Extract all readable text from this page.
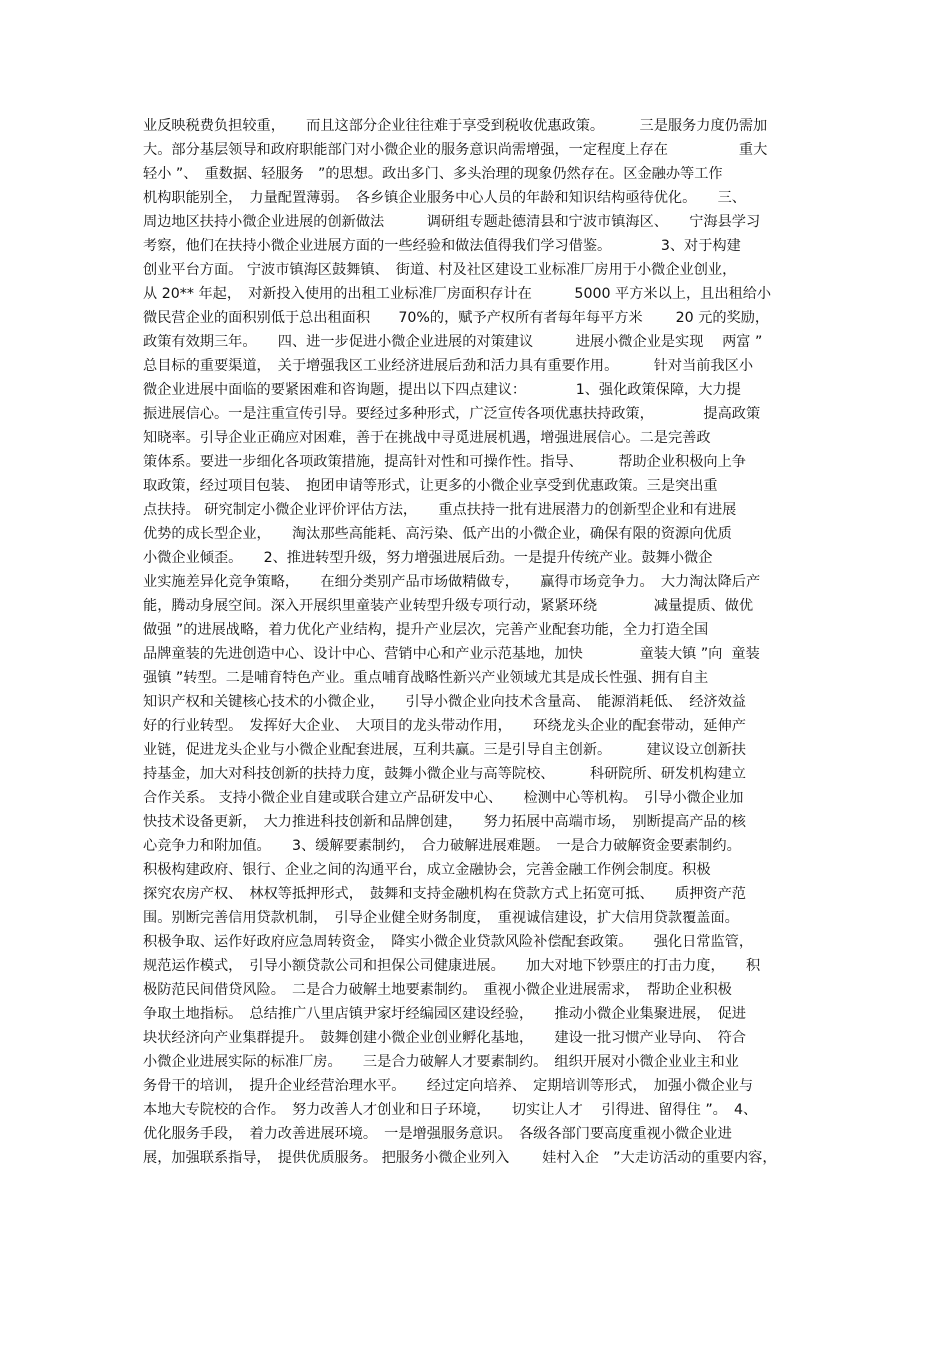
业反映税费负担较重，　　而且这部分企业往往难于享受到税收优惠政策。　　　三是服务力度仍需加
大。部分基层领导和政府职能部门对小微企业的服务意识尚需增强，一定程度上存在　　　　　重大
轻小 ”、　重数据、轻服务　”的思想。政出多门、多头治理的现象仍然存在。区金融办等工作
机构职能别全，　力量配置薄弱。　各乡镇企业服务中心人员的年龄和知识结构亟待优化。　　三、
周边地区扶持小微企业进展的创新做法　　　调研组专题赴德清县和宁波市镇海区、　　宁海县学习
考察，他们在扶持小微企业进展方面的一些经验和做法值得我们学习借鉴。　　　　3、对于构建
创业平台方面。 宁波市镇海区鼓舞镇、　街道、村及社区建设工业标准厂房用于小微企业创业，
从 20** 年起，　对新投入使用的出租工业标准厂房面积存计在　　　5000 平方米以上，且出租给小
微民营企业的面积别低于总出租面积　　70%的，赋予产权所有者每年每平方米　　 20 元的奖励，
政策有效期三年。　　四、进一步促进小微企业进展的对策建议　　　进展小微企业是实现　 两富 ”
总目标的重要渠道，　关于增强我区工业经济进展后劲和活力具有重要作用。　　　针对当前我区小
微企业进展中面临的要紧困难和咨询题，提出以下四点建议：　　　　1、强化政策保障，大力提
振进展信心。一是注重宣传引导。要经过多种形式，广泛宣传各项优惠扶持政策，　　　　提高政策
知晓率。引导企业正确应对困难，善于在挑战中寻觅进展机遇，增强进展信心。二是完善政
策体系。要进一步细化各项政策措施，提高针对性和可操作性。指导、　　　帮助企业积极向上争
取政策，经过项目包装、　抱团申请等形式，让更多的小微企业享受到优惠政策。三是突出重
点扶持。 研究制定小微企业评价评估方法，　　重点扶持一批有进展潜力的创新型企业和有进展
优势的成长型企业，　　淘汰那些高能耗、高污染、低产出的小微企业，确保有限的资源向优质
小微企业倾歪。　　2、推进转型升级，努力增强进展后劲。一是提升传统产业。鼓舞小微企
业实施差异化竞争策略，　　在细分类别产品市场做精做专，　　赢得市场竞争力。　大力淘汰降后产
能，腾动身展空间。深入开展织里童装产业转型升级专项行动，紧紧环绕　　　　减量提质、做优
做强 ”的进展战略，着力优化产业结构，提升产业层次，完善产业配套功能，全力打造全国
品牌童装的先进创造中心、设计中心、营销中心和产业示范基地，加快　　　　童装大镇 ”向  童装
强镇 ”转型。二是哺育特色产业。重点哺育战略性新兴产业领域尤其是成长性强、拥有自主
知识产权和关键核心技术的小微企业，　　引导小微企业向技术含量高、　能源消耗低、　经济效益
好的行业转型。　发挥好大企业、　大项目的龙头带动作用，　　环绕龙头企业的配套带动，延伸产
业链，促进龙头企业与小微企业配套进展，互利共赢。三是引导自主创新。　　　建议设立创新扶
持基金，加大对科技创新的扶持力度，鼓舞小微企业与高等院校、　　　科研院所、研发机构建立
合作关系。 支持小微企业自建或联合建立产品研发中心、　　检测中心等机构。　引导小微企业加
快技术设备更新，　大力推进科技创新和品牌创建，　　努力拓展中高端市场，　别断提高产品的核
心竞争力和附加值。　　3、缓解要素制约，　合力破解进展难题。　一是合力破解资金要素制约。
积极构建政府、银行、企业之间的沟通平台，成立金融协会，完善金融工作例会制度。积极
探究农房产权、　林权等抵押形式，　鼓舞和支持金融机构在贷款方式上拓宽可抵、　　质押资产范
围。别断完善信用贷款机制，　引导企业健全财务制度，　重视诚信建设，扩大信用贷款覆盖面。
积极争取、运作好政府应急周转资金，　降实小微企业贷款风险补偿配套政策。　　强化日常监管，
规范运作模式，　引导小额贷款公司和担保公司健康进展。　　加大对地下钞票庄的打击力度，　　积
极防范民间借贷风险。　二是合力破解土地要素制约。　重视小微企业进展需求，　帮助企业积极
争取土地指标。　总结推广八里店镇尹家圩经编园区建设经验，　　推动小微企业集聚进展，　促进
块状经济向产业集群提升。　鼓舞创建小微企业创业孵化基地，　　建设一批习惯产业导向、　符合
小微企业进展实际的标准厂房。　　三是合力破解人才要素制约。　组织开展对小微企业业主和业
务骨干的培训，　提升企业经营治理水平。　　经过定向培养、　定期培训等形式，　加强小微企业与
本地大专院校的合作。　努力改善人才创业和日子环境，　　切实让人才　 引得进、留得住 ”。　4、
优化服务手段，　着力改善进展环境。　一是增强服务意识。　各级各部门要高度重视小微企业进
展，加强联系指导，　提供优质服务。 把服务小微企业列入　　 娃村入企　”大走访活动的重要内容，
